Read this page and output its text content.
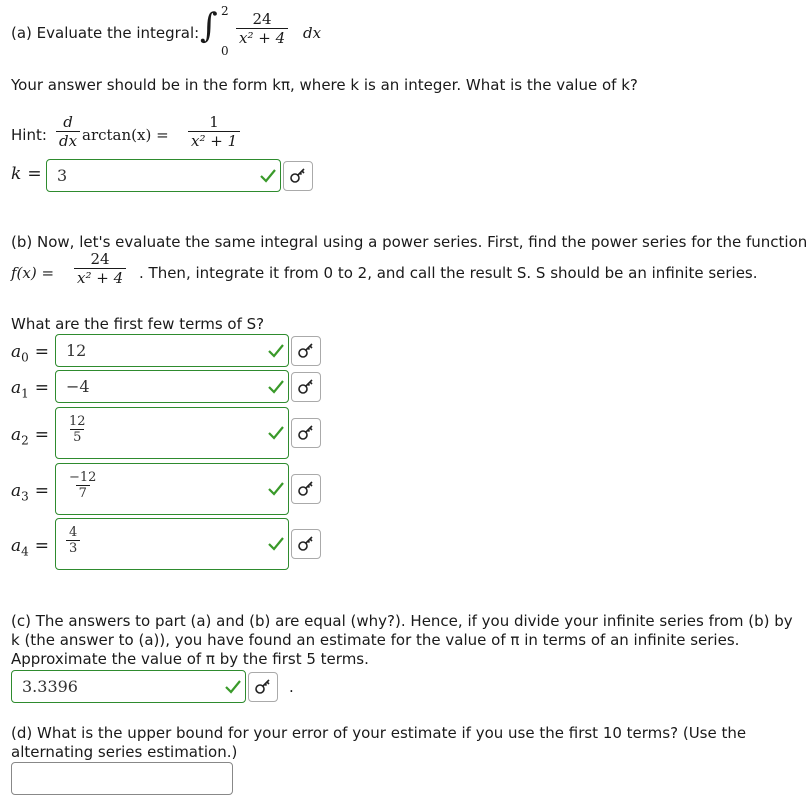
(a) Evaluate the integral: ∫ 2
0
$\frac{24}{\text{x² + 4}}$ dx
Your answer should be in the form kπ, where k is an integer. What is the value of k?
Hint: $\frac{d}{dx} \arctan(x) = \frac{1}{\text{x² + 1}}$
k = 3
(b) Now, let's evaluate the same integral using a power series. First, find the power series for the function
$f(x) = \frac{24}{\text{x² + 4}}$ . Then, integrate it from 0 to 2, and call the result S. S should be an infinite series.
What are the first few terms of S?
$a_0 = 12$
$a_1 = -4$
$a_2 = \frac{12}{5}$
$a_3 = \frac{-12}{7}$
$a_4 = \frac{4}{3}$
(c) The answers to part (a) and (b) are equal (why?). Hence, if you divide your infinite series from (b) by k (the answer to (a)), you have found an estimate for the value of π in terms of an infinite series. Approximate the value of π by the first 5 terms.
3.3396	.
(d) What is the upper bound for your error of your estimate if you use the first 10 terms? (Use the alternating series estimation.)
